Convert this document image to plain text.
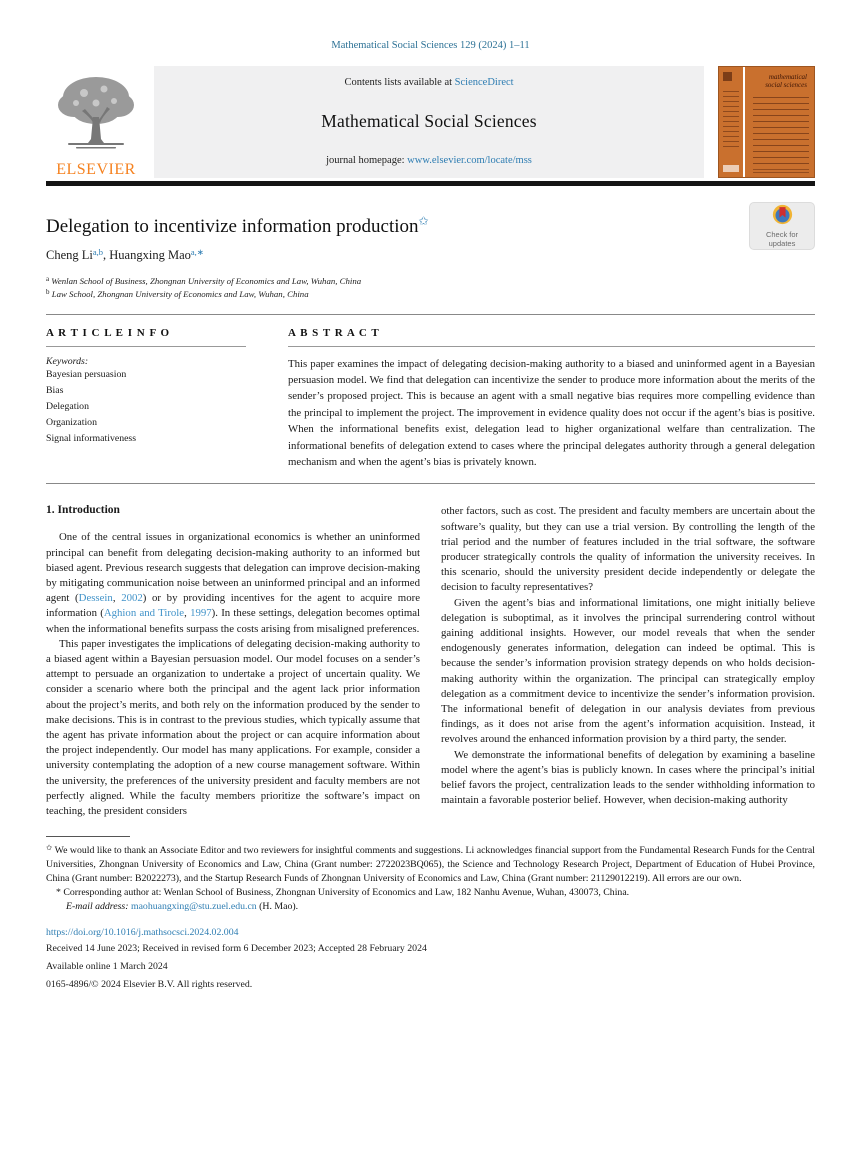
Mathematical Social Sciences 129 (2024) 1–11
ELSEVIER
Contents lists available at ScienceDirect
Mathematical Social Sciences
journal homepage: www.elsevier.com/locate/mss
mathematical social sciences
Check for updates
Delegation to incentivize information production✩
Cheng Li$^{a,b}$, Huangxing Mao$^{a,∗}$
$^a$ Wenlan School of Business, Zhongnan University of Economics and Law, Wuhan, China
$^b$ Law School, Zhongnan University of Economics and Law, Wuhan, China
A R T I C L E I N F O
Keywords:
Bayesian persuasion
Bias
Delegation
Organization
Signal informativeness
A B S T R A C T
This paper examines the impact of delegating decision-making authority to a biased and uninformed agent in a Bayesian persuasion model. We find that delegation can incentivize the sender to produce more information about the merits of the sender’s proposed project. This is because an agent with a small negative bias requires more compelling evidence than the principal to implement the project. The improvement in evidence quality does not occur if the agent’s bias is positive. When the informational benefits exist, delegation lead to higher organizational welfare than centralization. The informational benefits of delegation extend to cases where the principal delegates authority through a general delegation mechanism and when the agent’s bias is privately known.
1. Introduction

One of the central issues in organizational economics is whether an uninformed principal can benefit from delegating decision-making authority to an informed but biased agent. Previous research suggests that delegation can improve decision-making by mitigating communication noise between an uninformed principal and an informed agent (Dessein, 2002) or by providing incentives for the agent to acquire more information (Aghion and Tirole, 1997). In these settings, delegation becomes optimal when the informational benefits surpass the costs arising from misaligned preferences.

This paper investigates the implications of delegating decision-making authority to a biased agent within a Bayesian persuasion model. Our model focuses on a sender’s attempt to persuade an organization to undertake a project of uncertain quality. We consider a scenario where both the principal and the agent lack prior information about the project’s merits, and both rely on the information produced by the sender to make decisions. This is in contrast to the previous studies, which typically assume that the agent has private information about the project or can acquire information about the project independently. Our model has many applications. For example, consider a university contemplating the adoption of a new course management software. Within the university, the preferences of the university president and faculty members are not perfectly aligned. While the faculty members prioritize the software’s impact on teaching, the president considers

other factors, such as cost. The president and faculty members are uncertain about the software’s quality, but they can use a trial version. By controlling the length of the trial period and the number of features included in the trial software, the software producer strategically controls the quality of information the university receives. In this scenario, should the university president decide independently or delegate the decision to faculty representatives?

Given the agent’s bias and informational limitations, one might initially believe delegation is suboptimal, as it involves the principal surrendering control without gaining additional insights. However, our model reveals that when the sender endogenously generates information, delegation can indeed be optimal. This is because the sender’s information provision strategy depends on who holds decision-making authority within the organization. The principal can strategically employ delegation as a commitment device to incentivize the sender’s information provision. The informational benefit of delegation in our analysis deviates from previous findings, as it does not arise from the agent’s information acquisition. Instead, it revolves around the enhanced information provision by a third party, the sender.

We demonstrate the informational benefits of delegation by examining a baseline model where the agent’s bias is publicly known. In cases where the principal’s initial belief favors the project, centralization leads to the sender withholding information to maintain a favorable posterior belief. However, when decision-making authority

✩ We would like to thank an Associate Editor and two reviewers for insightful comments and suggestions. Li acknowledges financial support from the Fundamental Research Funds for the Central Universities, Zhongnan University of Economics and Law, China (Grant number: 2722023BQ065), the Science and Technology Research Project, Department of Education of Hubei Province, China (Grant number: B2022273), and the Startup Research Funds of Zhongnan University of Economics and Law, China (Grant number: 21129012219). All errors are our own.

* Corresponding author at: Wenlan School of Business, Zhongnan University of Economics and Law, 182 Nanhu Avenue, Wuhan, 430073, China.

E-mail address: maohuangxing@stu.zuel.edu.cn (H. Mao).

https://doi.org/10.1016/j.mathsocsci.2024.02.004
Received 14 June 2023; Received in revised form 6 December 2023; Accepted 28 February 2024
Available online 1 March 2024
0165-4896/© 2024 Elsevier B.V. All rights reserved.
